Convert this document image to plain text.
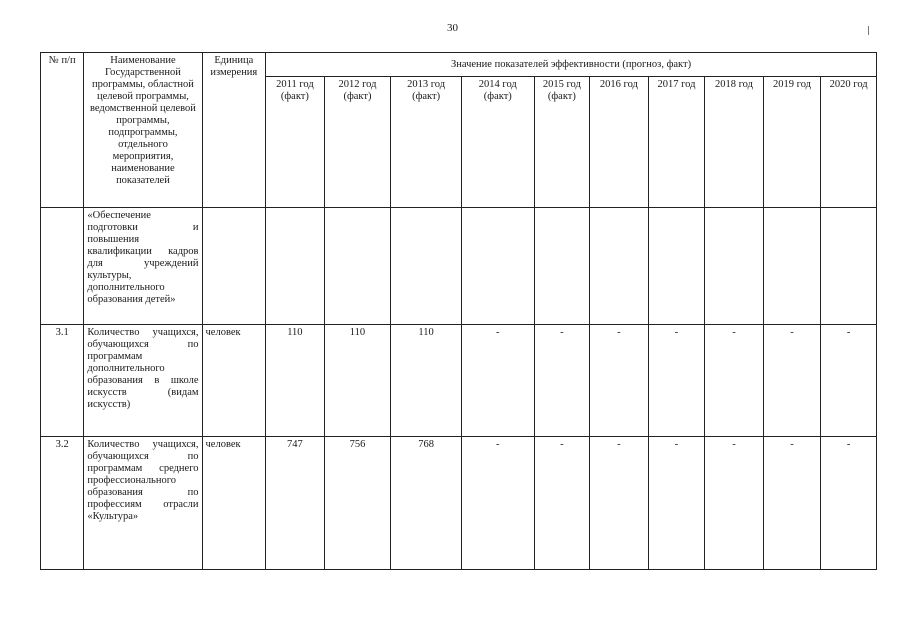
30
№ п/п	Наименование Государственной программы, областной целевой программы, ведомственной целевой программы, подпрограммы, отдельного мероприятия, наименование показателей	Единица измерения	Значение показателей эффективности (прогноз, факт)									
			2011 год (факт)	2012 год (факт)	2013 год (факт)	2014 год (факт)	2015 год (факт)	2016 год	2017 год	2018 год	2019 год	2020 год
	«Обеспечение подготовки и повышения квалификации кадров для учреждений культуры, дополнительного образования детей»											
3.1	Количество учащихся, обучающихся по программам дополнительного образования в школе искусств (видам искусств)	человек	110	110	110	-	-	-	-	-	-	-
3.2	Количество учащихся, обучающихся по программам среднего профессионального образования по профессиям отрасли «Культура»	человек	747	756	768	-	-	-	-	-	-	-
